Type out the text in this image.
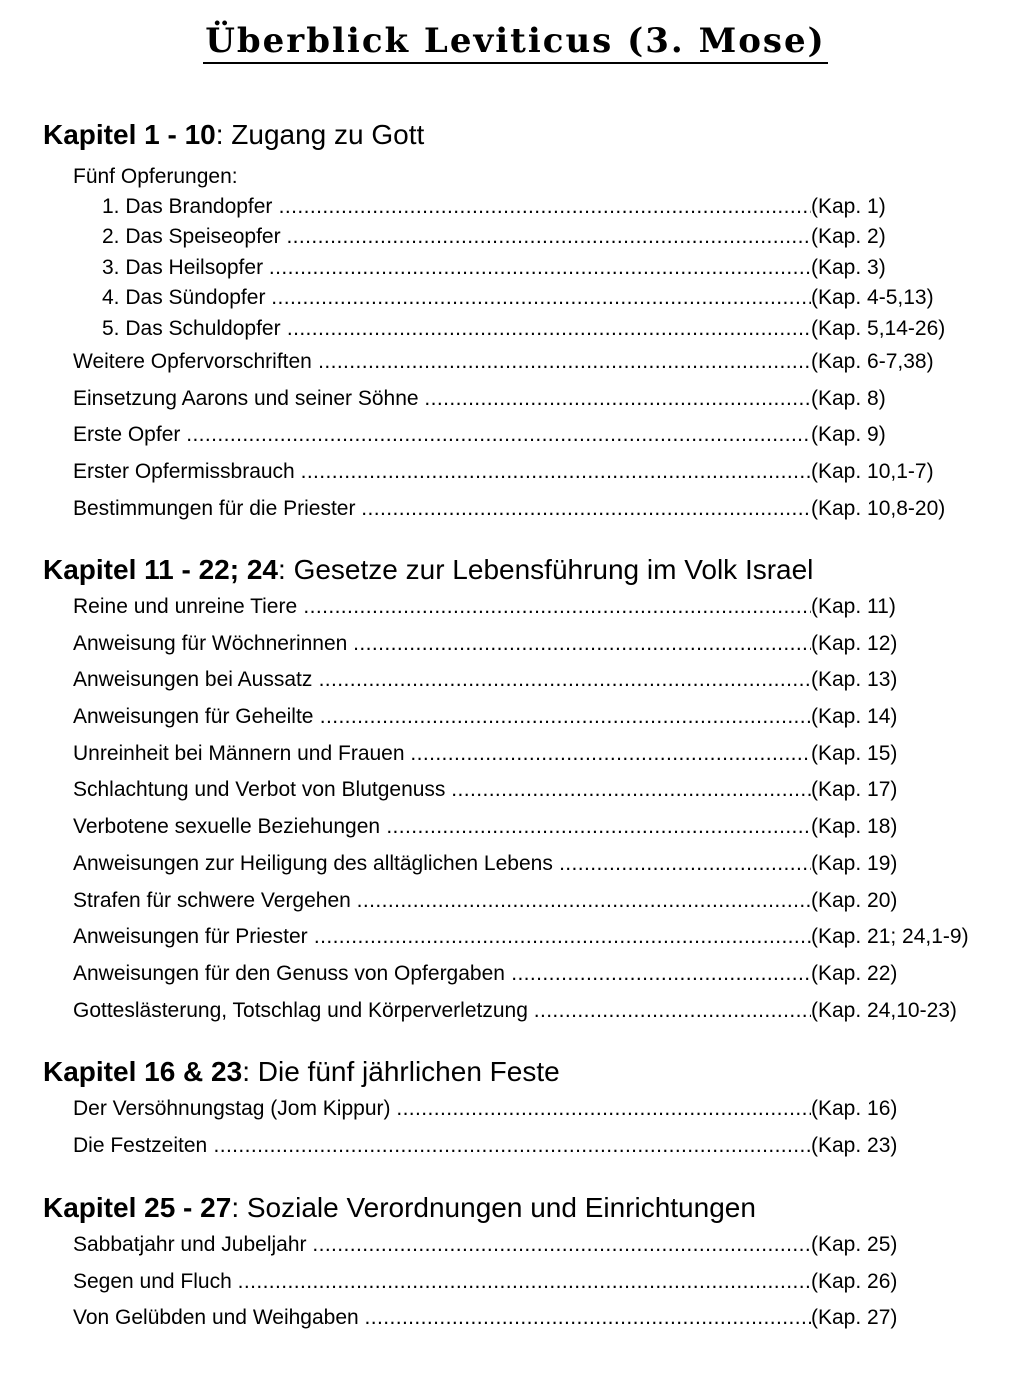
Überblick Leviticus (3. Mose)
Kapitel 1 - 10: Zugang zu Gott
Fünf Opferungen:
1. Das Brandopfer .....	(Kap. 1)
2. Das Speiseopfer .....	(Kap. 2)
3. Das Heilsopfer .....	(Kap. 3)
4. Das Sündopfer .....	(Kap. 4-5,13)
5. Das Schuldopfer .....	(Kap. 5,14-26)
Weitere Opfervorschriften .....	(Kap. 6-7,38)
Einsetzung Aarons und seiner Söhne .....	(Kap. 8)
Erste Opfer .....	(Kap. 9)
Erster Opfermissbrauch .....	(Kap. 10,1-7)
Bestimmungen für die Priester .....	(Kap. 10,8-20)
Kapitel 11 - 22; 24: Gesetze zur Lebensführung im Volk Israel
Reine und unreine Tiere .....	(Kap. 11)
Anweisung für Wöchnerinnen .....	(Kap. 12)
Anweisungen bei Aussatz .....	(Kap. 13)
Anweisungen für Geheilte .....	(Kap. 14)
Unreinheit bei Männern und Frauen .....	(Kap. 15)
Schlachtung und Verbot von Blutgenuss .....	(Kap. 17)
Verbotene sexuelle Beziehungen .....	(Kap. 18)
Anweisungen zur Heiligung des alltäglichen Lebens .....	(Kap. 19)
Strafen für schwere Vergehen .....	(Kap. 20)
Anweisungen für Priester .....	(Kap. 21; 24,1-9)
Anweisungen für den Genuss von Opfergaben .....	(Kap. 22)
Gotteslästerung, Totschlag und Körperverletzung .....	(Kap. 24,10-23)
Kapitel 16 & 23: Die fünf jährlichen Feste
Der Versöhnungstag (Jom Kippur) .....	(Kap. 16)
Die Festzeiten .....	(Kap. 23)
Kapitel 25 - 27: Soziale Verordnungen und Einrichtungen
Sabbatjahr und Jubeljahr .....	(Kap. 25)
Segen und Fluch .....	(Kap. 26)
Von Gelübden und Weihgaben .....	(Kap. 27)
